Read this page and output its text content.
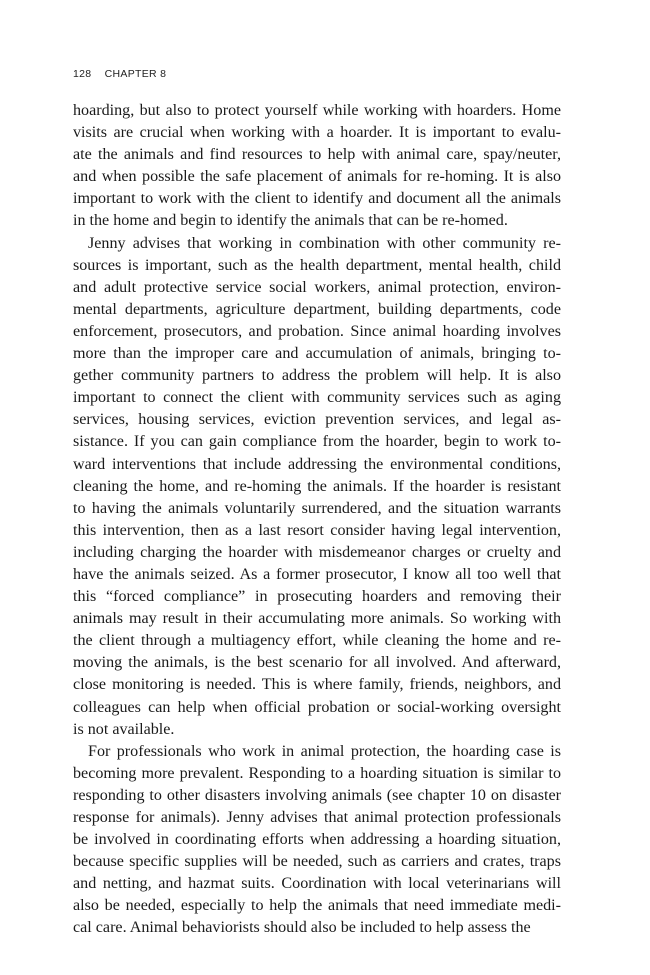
128 CHAPTER 8

hoarding, but also to protect yourself while working with hoarders. Home
visits are crucial when working with a hoarder. It is important to evalu-
ate the animals and find resources to help with animal care, spay/neuter,
and when possible the safe placement of animals for re-homing. It is also
important to work with the client to identify and document all the animals
in the home and begin to identify the animals that can be re-homed.

Jenny advises that working in combination with other community re-
sources is important, such as the health department, mental health, child
and adult protective service social workers, animal protection, environ-
mental departments, agriculture department, building departments, code
enforcement, prosecutors, and probation. Since animal hoarding involves
more than the improper care and accumulation of animals, bringing to-
gether community partners to address the problem will help. It is also
important to connect the client with community services such as aging
services, housing services, eviction prevention services, and legal as-
sistance. If you can gain compliance from the hoarder, begin to work to-
ward interventions that include addressing the environmental conditions,
cleaning the home, and re-homing the animals. If the hoarder is resistant
to having the animals voluntarily surrendered, and the situation warrants
this intervention, then as a last resort consider having legal intervention,
including charging the hoarder with misdemeanor charges or cruelty and
have the animals seized. As a former prosecutor, I know all too well that
this “forced compliance” in prosecuting hoarders and removing their
animals may result in their accumulating more animals. So working with
the client through a multiagency effort, while cleaning the home and re-
moving the animals, is the best scenario for all involved. And afterward,
close monitoring is needed. This is where family, friends, neighbors, and
colleagues can help when official probation or social-working oversight
is not available.

For professionals who work in animal protection, the hoarding case is
becoming more prevalent. Responding to a hoarding situation is similar to
responding to other disasters involving animals (see chapter 10 on disaster
response for animals). Jenny advises that animal protection professionals
be involved in coordinating efforts when addressing a hoarding situation,
because specific supplies will be needed, such as carriers and crates, traps
and netting, and hazmat suits. Coordination with local veterinarians will
also be needed, especially to help the animals that need immediate medi-
cal care. Animal behaviorists should also be included to help assess the
